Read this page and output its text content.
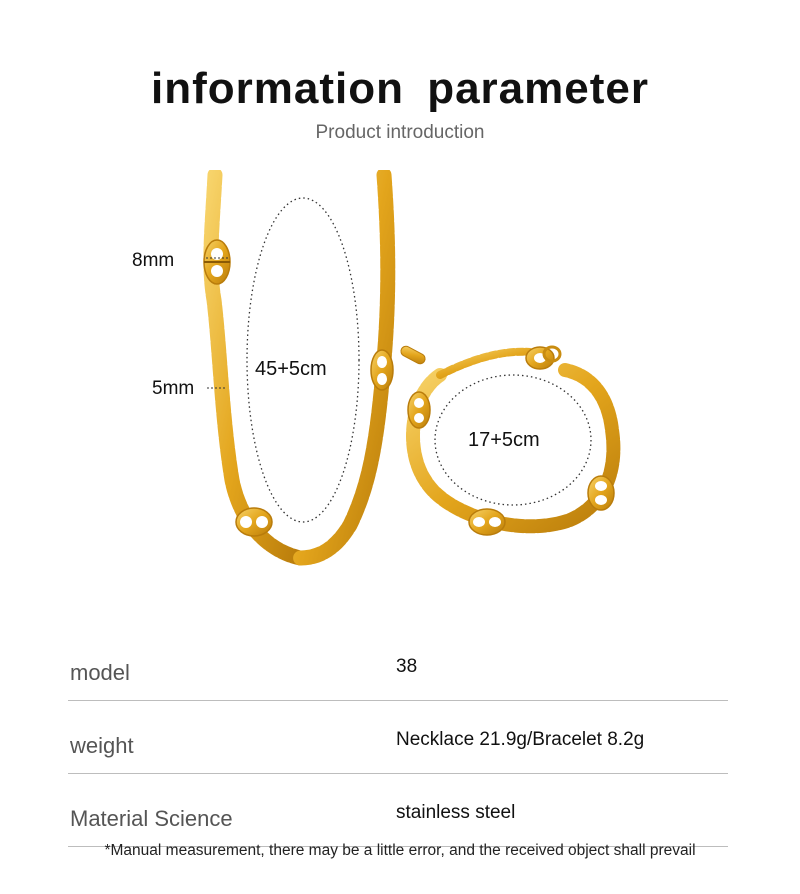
information parameter
Product introduction
8mm
5mm
45+5cm
17+5cm
model	38
weight	Necklace 21.9g/Bracelet 8.2g
Material Science	stainless steel
*Manual measurement, there may be a little error, and the received object shall prevail
